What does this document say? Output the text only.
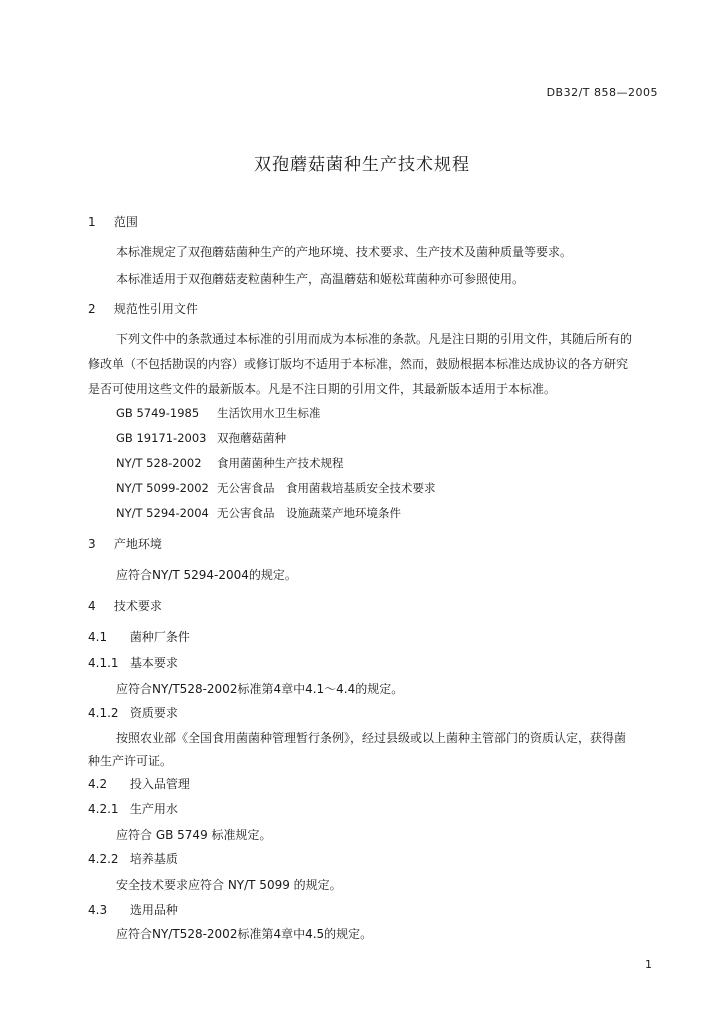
DB32/T 858—2005
双孢蘑菇菌种生产技术规程
1 范围
本标准规定了双孢蘑菇菌种生产的产地环境、技术要求、生产技术及菌种质量等要求。
本标准适用于双孢蘑菇麦粒菌种生产，高温蘑菇和姬松茸菌种亦可参照使用。
2 规范性引用文件
下列文件中的条款通过本标准的引用而成为本标准的条款。凡是注日期的引用文件，其随后所有的
修改单（不包括勘误的内容）或修订版均不适用于本标准，然而，鼓励根据本标准达成协议的各方研究
是否可使用这些文件的最新版本。凡是不注日期的引用文件，其最新版本适用于本标准。
GB 5749-1985 生活饮用水卫生标准
GB 19171-2003 双孢蘑菇菌种
NY/T 528-2002 食用菌菌种生产技术规程
NY/T 5099-2002 无公害食品　食用菌栽培基质安全技术要求
NY/T 5294-2004 无公害食品　设施蔬菜产地环境条件
3 产地环境
应符合NY/T 5294-2004的规定。
4 技术要求
4.1 菌种厂条件
4.1.1 基本要求
应符合NY/T528-2002标准第4章中4.1～4.4的规定。
4.1.2 资质要求
按照农业部《全国食用菌菌种管理暂行条例》，经过县级或以上菌种主管部门的资质认定，获得菌
种生产许可证。
4.2 投入品管理
4.2.1 生产用水
应符合 GB 5749 标准规定。
4.2.2 培养基质
安全技术要求应符合 NY/T 5099 的规定。
4.3 选用品种
应符合NY/T528-2002标准第4章中4.5的规定。
1
